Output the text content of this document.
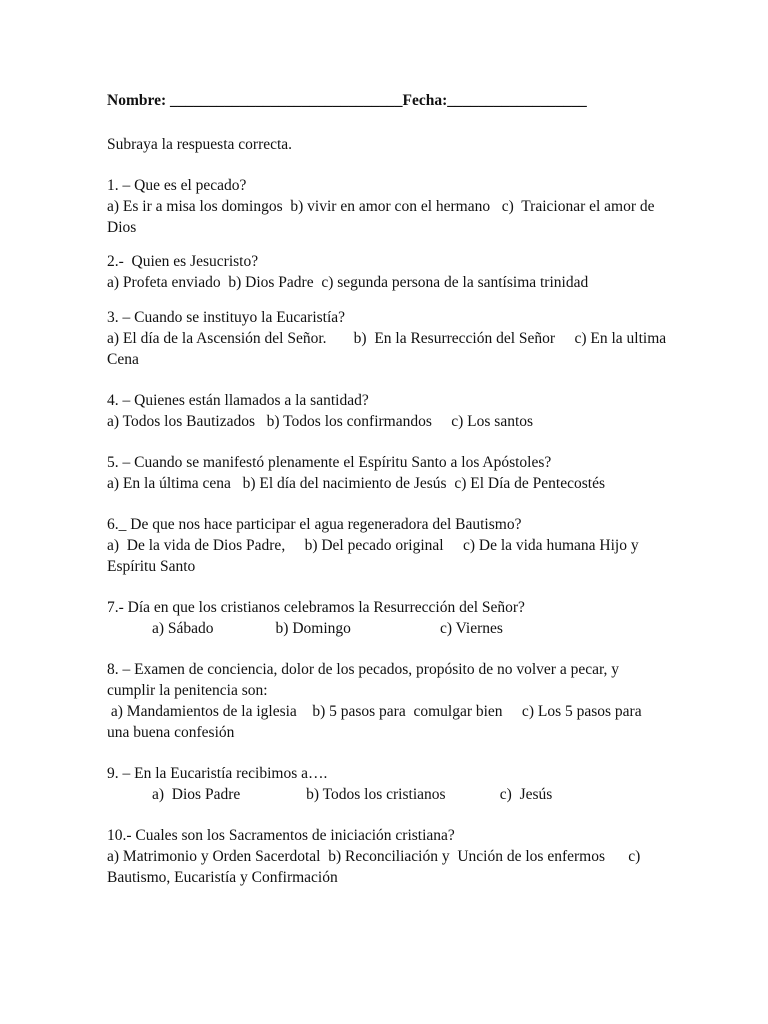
Nombre: ______________________________Fecha:__________________
Subraya la respuesta correcta.
1. – Que es el pecado?
a) Es ir a misa los domingos  b) vivir en amor con el hermano   c)  Traicionar el amor de Dios
2.-  Quien es Jesucristo?
a) Profeta enviado  b) Dios Padre  c) segunda persona de la santísima trinidad
3. – Cuando se instituyo la Eucaristía?
a) El día de la Ascensión del Señor.       b)  En la Resurrección del Señor     c) En la ultima Cena
4. – Quienes están llamados a la santidad?
a) Todos los Bautizados   b) Todos los confirmandos     c) Los santos
5. – Cuando se manifestó plenamente el Espíritu Santo a los Apóstoles?
a) En la última cena   b) El día del nacimiento de Jesús  c) El Día de Pentecostés
6._ De que nos hace participar el agua regeneradora del Bautismo?
a)  De la vida de Dios Padre,     b) Del pecado original     c) De la vida humana Hijo y Espíritu Santo
7.- Día en que los cristianos celebramos la Resurrección del Señor?
a) Sábado                b) Domingo                       c) Viernes
8. – Examen de conciencia, dolor de los pecados, propósito de no volver a pecar, y cumplir la penitencia son:
a) Mandamientos de la iglesia    b) 5 pasos para  comulgar bien     c) Los 5 pasos para una buena confesión
9. – En la Eucaristía recibimos a….
a)  Dios Padre                 b) Todos los cristianos              c)  Jesús
10.- Cuales son los Sacramentos de iniciación cristiana?
a) Matrimonio y Orden Sacerdotal  b) Reconciliación y  Unción de los enfermos      c) Bautismo, Eucaristía y Confirmación
